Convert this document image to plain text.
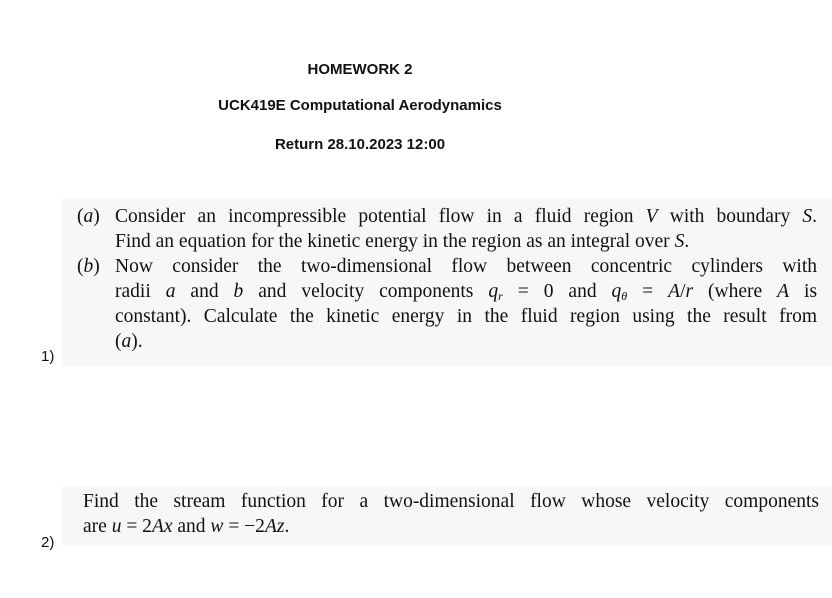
HOMEWORK 2
UCK419E Computational Aerodynamics
Return 28.10.2023 12:00
1)
(a) Consider an incompressible potential flow in a fluid region V with boundary S.
Find an equation for the kinetic energy in the region as an integral over S.
(b) Now consider the two-dimensional flow between concentric cylinders with
radii a and b and velocity components $q_r = 0$ and $q_\theta = A/r$ (where A is
constant). Calculate the kinetic energy in the fluid region using the result from
(a).
Find the stream function for a two-dimensional flow whose velocity components
are u = 2Ax and w = −2Az.
2)
